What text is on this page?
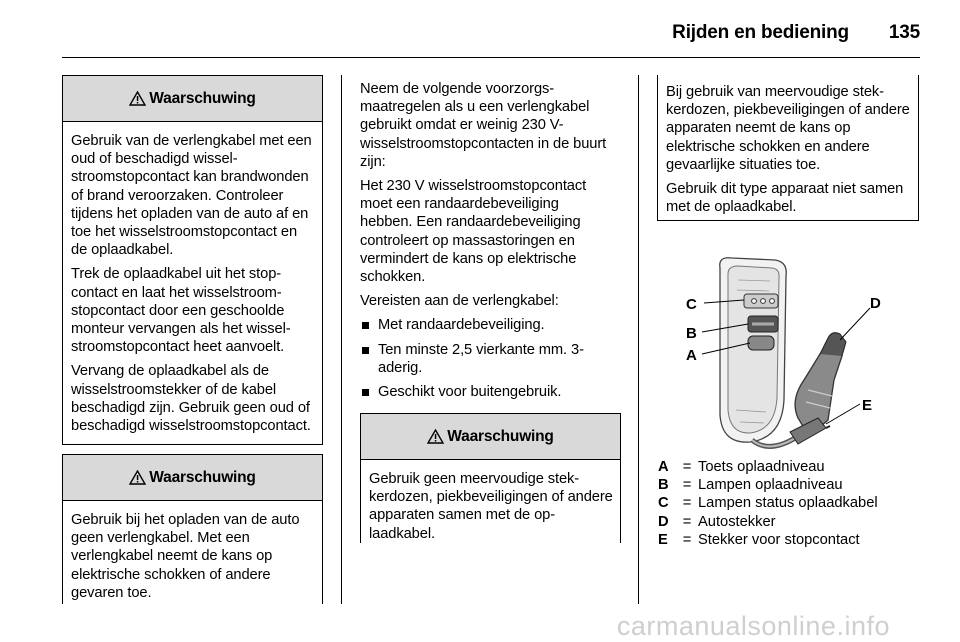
Rijden en bediening 135
Waarschuwing

Gebruik van de verlengkabel met een oud of beschadigd wisselstroomstopcontact kan brandwonden of brand veroorzaken. Controleer tijdens het opladen van de auto af en toe het wisselstroomstopcontact en de oplaadkabel.

Trek de oplaadkabel uit het stopcontact en laat het wisselstroomstopcontact door een geschoolde monteur vervangen als het wisselstroomstopcontact heet aanvoelt.

Vervang de oplaadkabel als de wisselstroomstekker of de kabel beschadigd zijn. Gebruik geen oud of beschadigd wisselstroomstopcontact.

Waarschuwing

Gebruik bij het opladen van de auto geen verlengkabel. Met een verlengkabel neemt de kans op elektrische schokken of andere gevaren toe.

Neem de volgende voorzorgsmaatregelen als u een verlengkabel gebruikt omdat er weinig 230 V-wisselstroomstopcontacten in de buurt zijn:

Het 230 V wisselstroomstopcontact moet een randaardebeveiliging hebben. Een randaardebeveiliging controleert op massastoringen en vermindert de kans op elektrische schokken.

Vereisten aan de verlengkabel:

Met randaardebeveiliging.
Ten minste 2,5 vierkante mm. 3-aderig.
Geschikt voor buitengebruik.
Waarschuwing

Gebruik geen meervoudige stekkerdozen, piekbeveiligingen of andere apparaten samen met de oplaadkabel.

Bij gebruik van meervoudige stekkerdozen, piekbeveiligingen of andere apparaten neemt de kans op elektrische schokken en andere gevaarlijke situaties toe.

Gebruik dit type apparaat niet samen met de oplaadkabel.

C
B
A
D
E
A = Toets oplaadniveau
B = Lampen oplaadniveau
C = Lampen status oplaadkabel
D = Autostekker
E	= Stekker voor stopcontact
carmanualsonline.info
